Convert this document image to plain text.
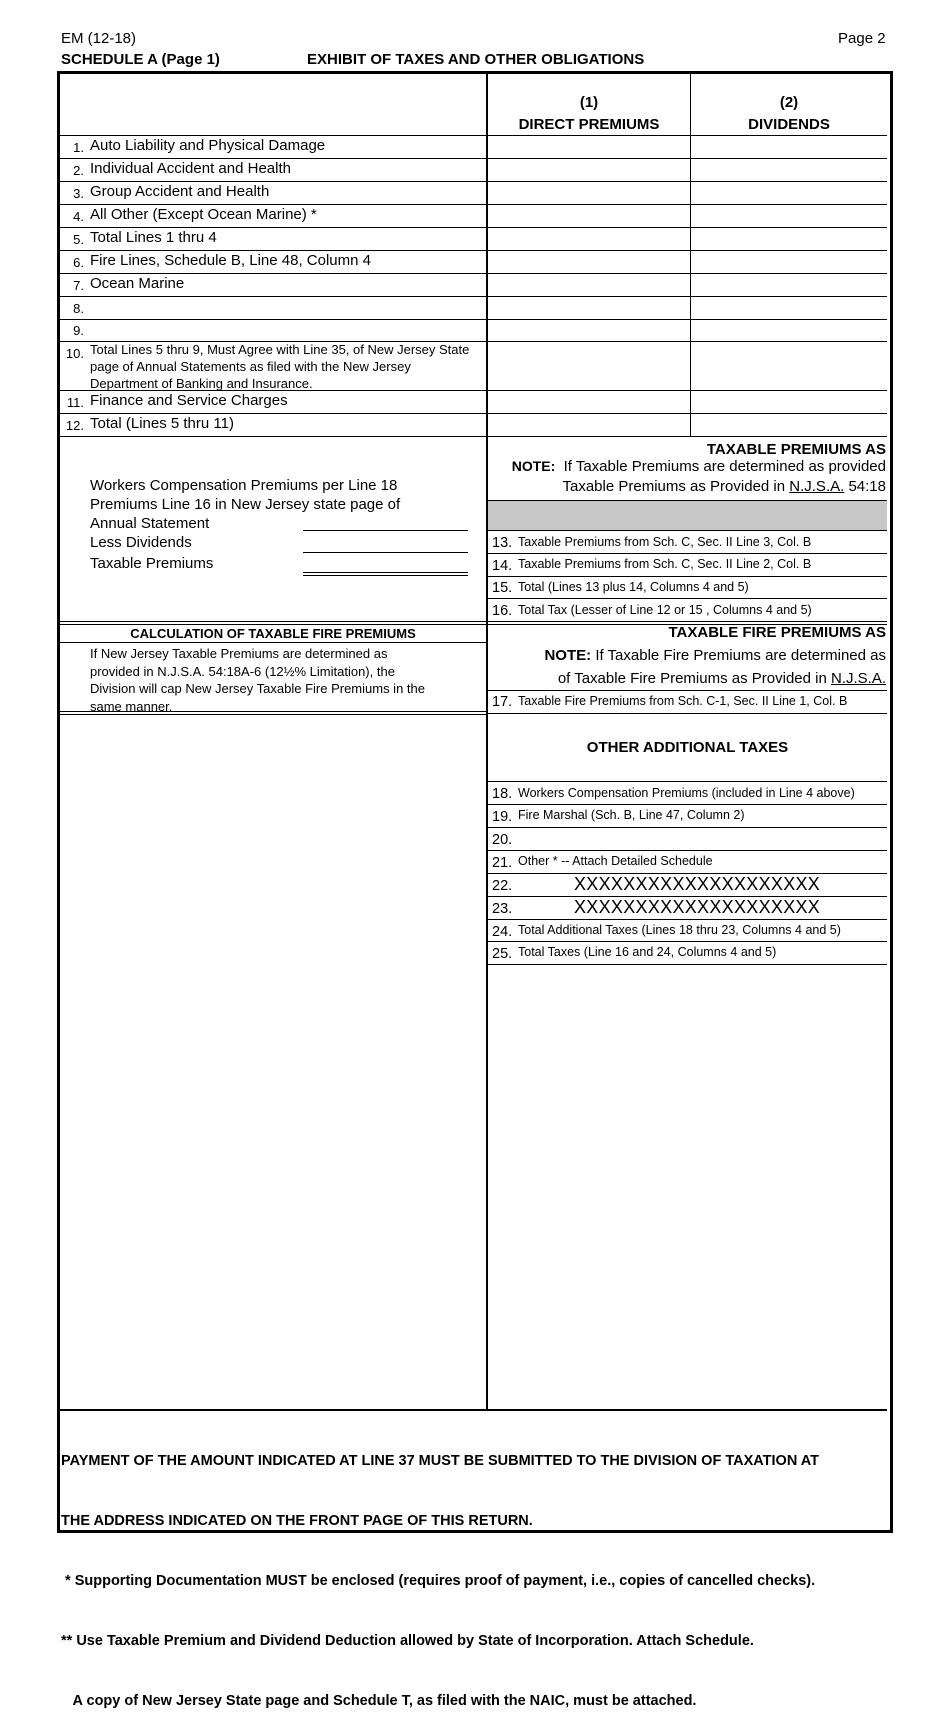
EM (12-18)	Page 2
SCHEDULE A (Page 1)	EXHIBIT OF TAXES AND OTHER OBLIGATIONS
(1)
DIRECT PREMIUMS
(2)
DIVIDENDS
1. Auto Liability and Physical Damage
2. Individual Accident and Health
3. Group Accident and Health
4. All Other (Except Ocean Marine) *
5. Total Lines 1 thru 4
6. Fire Lines, Schedule B, Line 48, Column 4
7. Ocean Marine
8.
9.
10. Total Lines 5 thru 9, Must Agree with Line 35, of New Jersey State page of Annual Statements as filed with the New Jersey Department of Banking and Insurance.
11. Finance and Service Charges
12. Total (Lines 5 thru 11)
Workers Compensation Premiums per Line 18
Premiums Line 16 in New Jersey state page of
Annual Statement
Less Dividends
Taxable Premiums
TAXABLE PREMIUMS AS
NOTE: If Taxable Premiums are determined as provided
Taxable Premiums as Provided in N.J.S.A. 54:18
13. Taxable Premiums from Sch. C, Sec. II Line 3, Col. B
14. Taxable Premiums from Sch. C, Sec. II Line 2, Col. B
15. Total (Lines 13 plus 14, Columns 4 and 5)
16. Total Tax (Lesser of Line 12 or 15 , Columns 4 and 5)
CALCULATION OF TAXABLE FIRE PREMIUMS
If New Jersey Taxable Premiums are determined as
provided in N.J.S.A. 54:18A-6 (12½% Limitation), the
Division will cap New Jersey Taxable Fire Premiums in the
same manner.
TAXABLE FIRE PREMIUMS AS
NOTE: If Taxable Fire Premiums are determined as
of Taxable Fire Premiums as Provided in N.J.S.A.
17. Taxable Fire Premiums from Sch. C-1, Sec. II Line 1, Col. B
OTHER ADDITIONAL TAXES
18. Workers Compensation Premiums (included in Line 4 above)
19. Fire Marshal (Sch. B, Line 47, Column 2)
20.
21. Other * -- Attach Detailed Schedule
22.	XXXXXXXXXXXXXXXXXXXX
23.	XXXXXXXXXXXXXXXXXXXX
24. Total Additional Taxes (Lines 18 thru 23, Columns 4 and 5)
25. Total Taxes (Line 16 and 24, Columns 4 and 5)

PAYMENT OF THE AMOUNT INDICATED AT LINE 37 MUST BE SUBMITTED TO THE DIVISION OF TAXATION AT

THE ADDRESS INDICATED ON THE FRONT PAGE OF THIS RETURN.

* Supporting Documentation MUST be enclosed (requires proof of payment, i.e., copies of cancelled checks).

** Use Taxable Premium and Dividend Deduction allowed by State of Incorporation. Attach Schedule.

A copy of New Jersey State page and Schedule T, as filed with the NAIC, must be attached.
